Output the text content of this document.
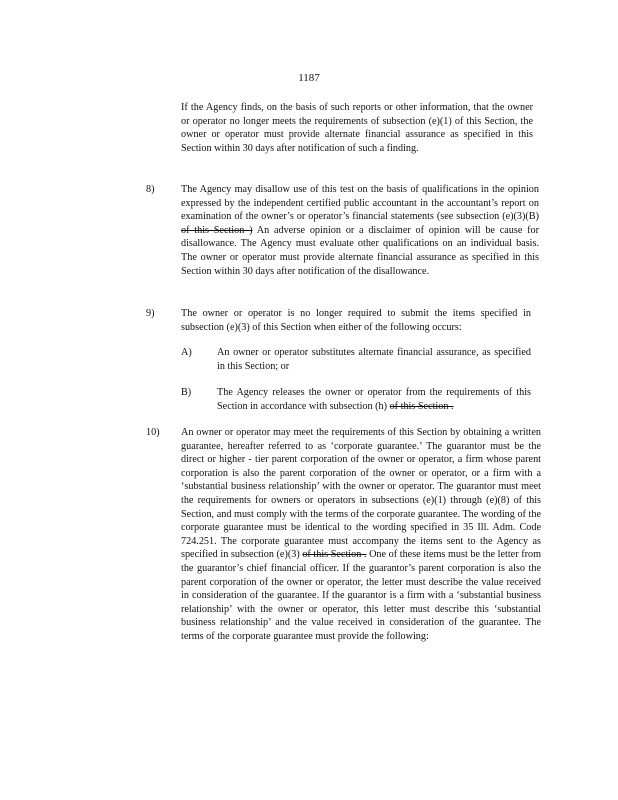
1187

If the Agency finds, on the basis of such reports or other information, that the owner or operator no longer meets the requirements of subsection (e)(1) of this Section, the owner or operator must provide alternate financial assurance as specified in this Section within 30 days after notification of such a finding.

8)	The Agency may disallow use of this test on the basis of qualifications in the opinion expressed by the independent certified public accountant in the accountant’s report on examination of the owner’s or operator’s financial statements (see subsection (e)(3)(B) of this Section ) An adverse opinion or a disclaimer of opinion will be cause for disallowance. The Agency must evaluate other qualifications on an individual basis. The owner or operator must provide alternate financial assurance as specified in this Section within 30 days after notification of the disallowance.

9)	The owner or operator is no longer required to submit the items specified in subsection (e)(3) of this Section when either of the following occurs:

A) An owner or operator substitutes alternate financial assurance, as specified in this Section; or

B)	The Agency releases the owner or operator from the requirements of this Section in accordance with subsection (h) of this Section .

10) An owner or operator may meet the requirements of this Section by obtaining a written guarantee, hereafter referred to as ‘corporate guarantee.’ The guarantor must be the direct or higher - tier parent corporation of the owner or operator, a firm whose parent corporation is also the parent corporation of the owner or operator, or a firm with a ‘substantial business relationship’ with the owner or operator. The guarantor must meet the requirements for owners or operators in subsections (e)(1) through (e)(8) of this Section, and must comply with the terms of the corporate guarantee. The wording of the corporate guarantee must be identical to the wording specified in 35 Ill. Adm. Code 724.251. The corporate guarantee must accompany the items sent to the Agency as specified in subsection (e)(3) of this Section . One of these items must be the letter from the guarantor’s chief financial officer. If the guarantor’s parent corporation is also the parent corporation of the owner or operator, the letter must describe the value received in consideration of the guarantee. If the guarantor is a firm with a ‘substantial business relationship’ with the owner or operator, this letter must describe this ‘substantial business relationship’ and the value received in consideration of the guarantee. The terms of the corporate guarantee must provide the following:
